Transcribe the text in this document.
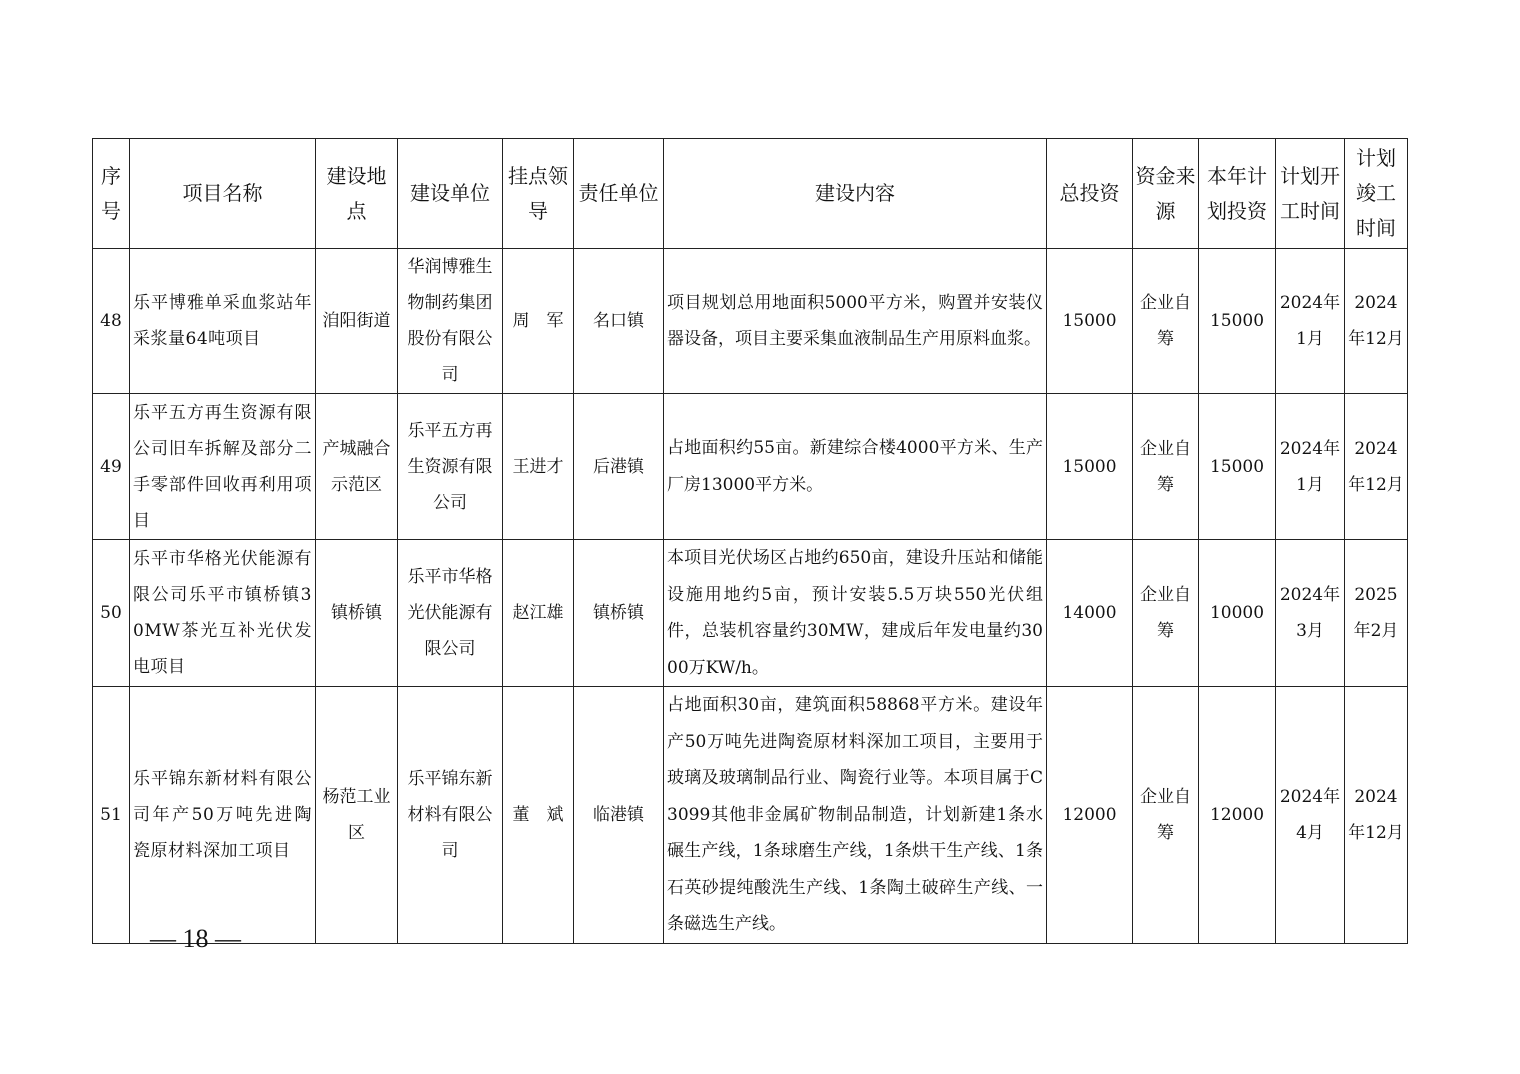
序号	项目名称	建设地点	建设单位	挂点领导	责任单位	建设内容	总投资	资金来源	本年计划投资	计划开工时间	计划竣工时间
48	乐平博雅单采血浆站年采浆量64吨项目	洎阳街道	华润博雅生物制药集团股份有限公司	周　军	名口镇	项目规划总用地面积5000平方米，购置并安装仪器设备，项目主要采集血液制品生产用原料血浆。	15000	企业自筹	15000	2024年1月	2024年12月
49	乐平五方再生资源有限公司旧车拆解及部分二手零部件回收再利用项目	产城融合示范区	乐平五方再生资源有限公司	王进才	后港镇	占地面积约55亩。新建综合楼4000平方米、生产厂房13000平方米。	15000	企业自筹	15000	2024年1月	2024年12月
50	乐平市华格光伏能源有限公司乐平市镇桥镇30MW茶光互补光伏发电项目	镇桥镇	乐平市华格光伏能源有限公司	赵江雄	镇桥镇	本项目光伏场区占地约650亩，建设升压站和储能设施用地约5亩，预计安装5.5万块550光伏组件，总装机容量约30MW，建成后年发电量约3000万KW/h。	14000	企业自筹	10000	2024年3月	2025年2月
51	乐平锦东新材料有限公司年产50万吨先进陶瓷原材料深加工项目	杨范工业区	乐平锦东新材料有限公司	董　斌	临港镇	占地面积30亩，建筑面积58868平方米。建设年产50万吨先进陶瓷原材料深加工项目，主要用于玻璃及玻璃制品行业、陶瓷行业等。本项目属于C3099其他非金属矿物制品制造，计划新建1条水碾生产线，1条球磨生产线，1条烘干生产线、1条石英砂提纯酸洗生产线、1条陶土破碎生产线、一条磁选生产线。	12000	企业自筹	12000	2024年4月	2024年12月
— 18 —
